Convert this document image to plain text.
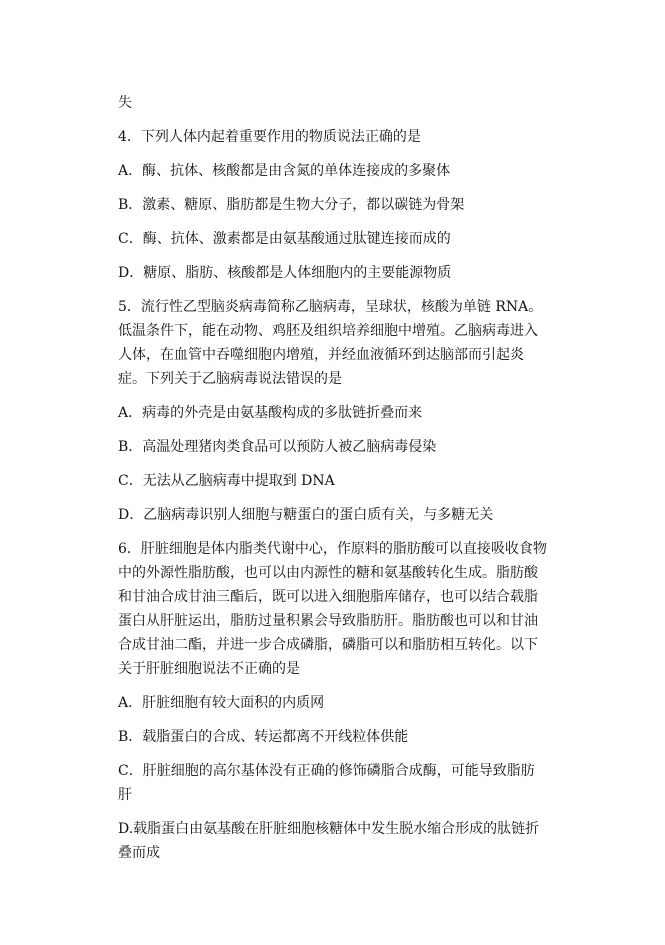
失

4．下列人体内起着重要作用的物质说法正确的是

A．酶、抗体、核酸都是由含氮的单体连接成的多聚体

B．激素、糖原、脂肪都是生物大分子，都以碳链为骨架

C．酶、抗体、激素都是由氨基酸通过肽键连接而成的

D．糖原、脂肪、核酸都是人体细胞内的主要能源物质

5．流行性乙型脑炎病毒简称乙脑病毒，呈球状，核酸为单链 RNA。低温条件下，能在动物、鸡胚及组织培养细胞中增殖。乙脑病毒进入人体，在血管中吞噬细胞内增殖，并经血液循环到达脑部而引起炎症。下列关于乙脑病毒说法错误的是

A．病毒的外壳是由氨基酸构成的多肽链折叠而来

B．高温处理猪肉类食品可以预防人被乙脑病毒侵染

C．无法从乙脑病毒中提取到 DNA

D．乙脑病毒识别人细胞与糖蛋白的蛋白质有关，与多糖无关

6．肝脏细胞是体内脂类代谢中心，作原料的脂肪酸可以直接吸收食物中的外源性脂肪酸，也可以由内源性的糖和氨基酸转化生成。脂肪酸和甘油合成甘油三酯后，既可以进入细胞脂库储存，也可以结合载脂蛋白从肝脏运出，脂肪过量积累会导致脂肪肝。脂肪酸也可以和甘油合成甘油二酯，并进一步合成磷脂，磷脂可以和脂肪相互转化。以下关于肝脏细胞说法不正确的是

A．肝脏细胞有较大面积的内质网

B．载脂蛋白的合成、转运都离不开线粒体供能

C．肝脏细胞的高尔基体没有正确的修饰磷脂合成酶，可能导致脂肪肝

D.载脂蛋白由氨基酸在肝脏细胞核糖体中发生脱水缩合形成的肽链折叠而成
